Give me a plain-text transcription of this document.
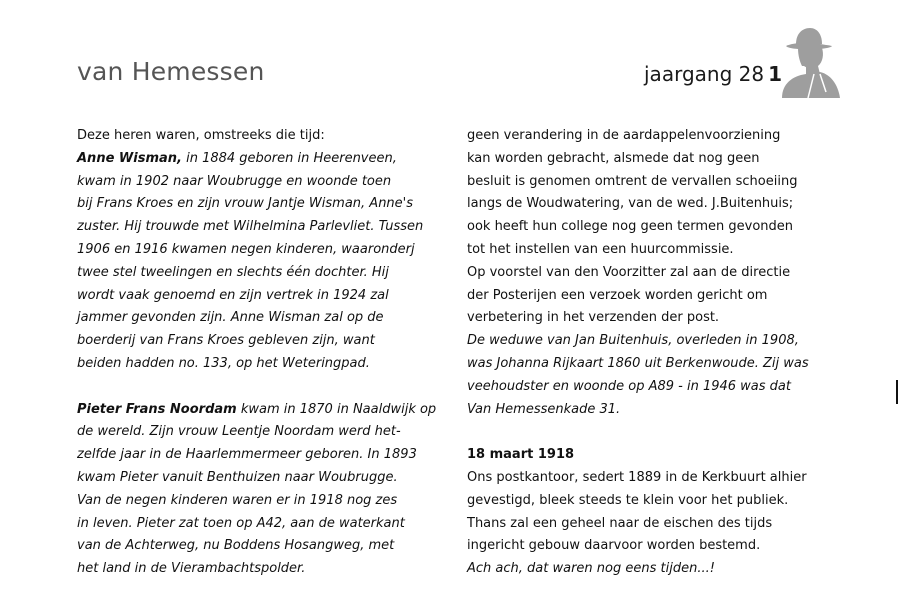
van Hemessen	jaargang 28 1
Deze heren waren, omstreeks die tijd:
Anne Wisman, in 1884 geboren in Heerenveen,
kwam in 1902 naar Woubrugge en woonde toen
bij Frans Kroes en zijn vrouw Jantje Wisman, Anne's
zuster. Hij trouwde met Wilhelmina Parlevliet. Tussen
1906 en 1916 kwamen negen kinderen, waaronderj
twee stel tweelingen en slechts één dochter. Hij
wordt vaak genoemd en zijn vertrek in 1924 zal
jammer gevonden zijn. Anne Wisman zal op de
boerderij van Frans Kroes gebleven zijn, want
beiden hadden no. 133, op het Weteringpad.
Pieter Frans Noordam kwam in 1870 in Naaldwijk op
de wereld. Zijn vrouw Leentje Noordam werd het-
zelfde jaar in de Haarlemmermeer geboren. In 1893
kwam Pieter vanuit Benthuizen naar Woubrugge.
Van de negen kinderen waren er in 1918 nog zes
in leven. Pieter zat toen op A42, aan de waterkant
van de Achterweg, nu Boddens Hosangweg, met
het land in de Vierambachtspolder.
geen verandering in de aardappelenvoorziening
kan worden gebracht, alsmede dat nog geen
besluit is genomen omtrent de vervallen schoeiing
langs de Woudwatering, van de wed. J.Buitenhuis;
ook heeft hun college nog geen termen gevonden
tot het instellen van een huurcommissie.
Op voorstel van den Voorzitter zal aan de directie
der Posterijen een verzoek worden gericht om
verbetering in het verzenden der post.
De weduwe van Jan Buitenhuis, overleden in 1908,
was Johanna Rijkaart 1860 uit Berkenwoude. Zij was
veehoudster en woonde op A89 - in 1946 was dat
Van Hemessenkade 31.
18 maart 1918
Ons postkantoor, sedert 1889 in de Kerkbuurt alhier
gevestigd, bleek steeds te klein voor het publiek.
Thans zal een geheel naar de eischen des tijds
ingericht gebouw daarvoor worden bestemd.
Ach ach, dat waren nog eens tijden...!
